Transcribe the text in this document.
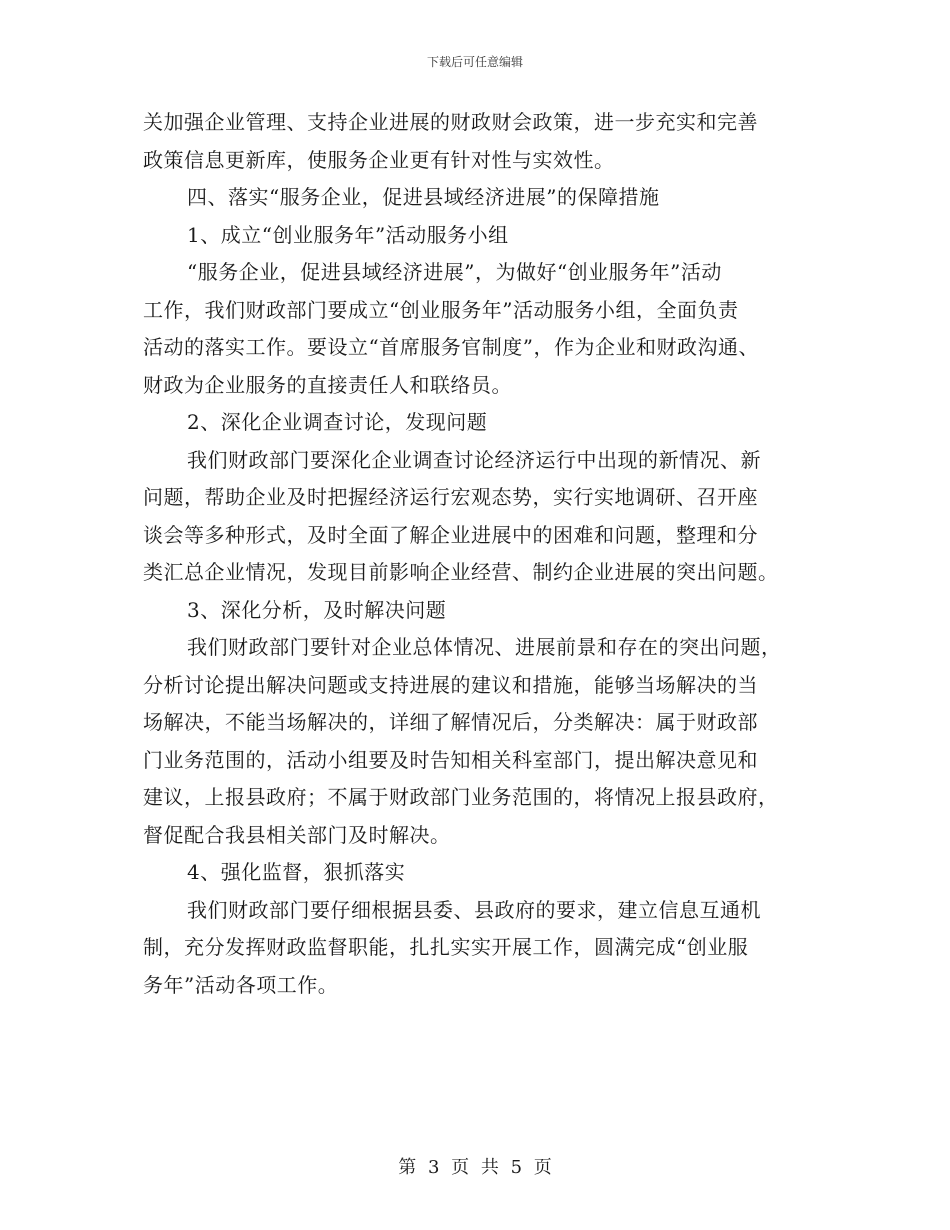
下载后可任意编辑
关加强企业管理、支持企业进展的财政财会政策，进一步充实和完善
政策信息更新库，使服务企业更有针对性与实效性。
四、落实“服务企业，促进县域经济进展”的保障措施
1、成立“创业服务年”活动服务小组
“服务企业，促进县域经济进展”，为做好“创业服务年”活动
工作，我们财政部门要成立“创业服务年”活动服务小组，全面负责
活动的落实工作。要设立“首席服务官制度”，作为企业和财政沟通、
财政为企业服务的直接责任人和联络员。
2、深化企业调查讨论，发现问题
我们财政部门要深化企业调查讨论经济运行中出现的新情况、新
问题，帮助企业及时把握经济运行宏观态势，实行实地调研、召开座
谈会等多种形式，及时全面了解企业进展中的困难和问题，整理和分
类汇总企业情况，发现目前影响企业经营、制约企业进展的突出问题。
3、深化分析，及时解决问题
我们财政部门要针对企业总体情况、进展前景和存在的突出问题，
分析讨论提出解决问题或支持进展的建议和措施，能够当场解决的当
场解决，不能当场解决的，详细了解情况后，分类解决：属于财政部
门业务范围的，活动小组要及时告知相关科室部门，提出解决意见和
建议，上报县政府；不属于财政部门业务范围的，将情况上报县政府，
督促配合我县相关部门及时解决。
4、强化监督，狠抓落实
我们财政部门要仔细根据县委、县政府的要求，建立信息互通机
制，充分发挥财政监督职能，扎扎实实开展工作，圆满完成“创业服
务年”活动各项工作。
第 3 页 共 5 页
